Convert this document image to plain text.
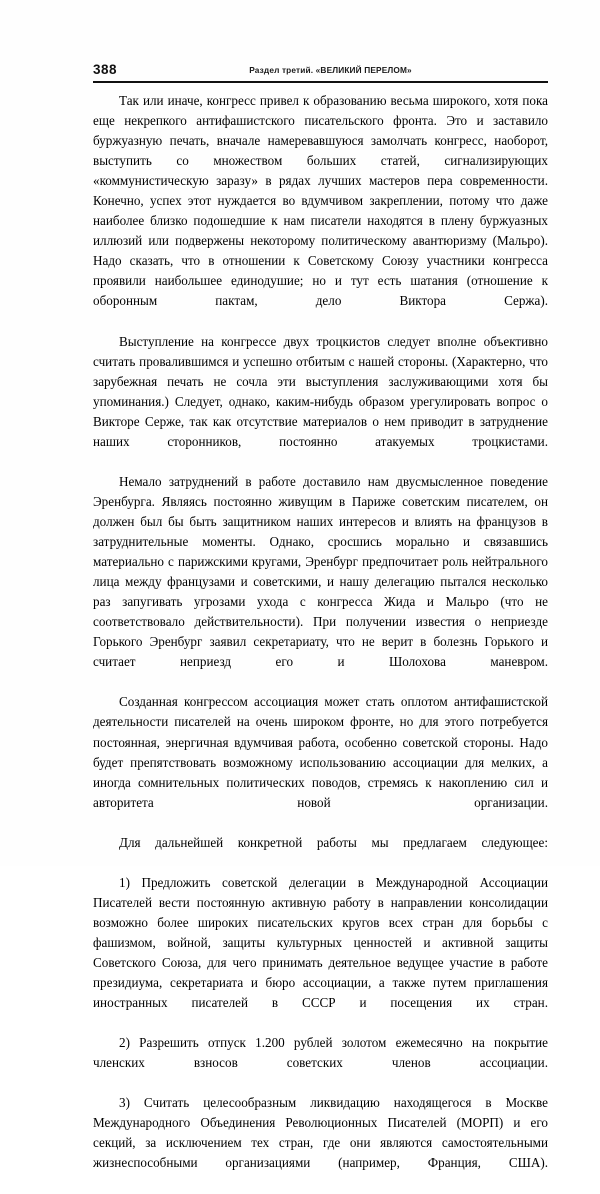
388	Раздел третий. «ВЕЛИКИЙ ПЕРЕЛОМ»

Так или иначе, конгресс привел к образованию весьма широкого, хотя пока еще некрепкого антифашистского писательского фронта. Это и заставило буржуазную печать, вначале намеревавшуюся замолчать конгресс, наоборот, выступить со множеством больших статей, сигнализирующих «коммунистическую заразу» в рядах лучших мастеров пера современности. Конечно, успех этот нуждается во вдумчивом закреплении, потому что даже наиболее близко подошедшие к нам писатели находятся в плену буржуазных иллюзий или подвержены некоторому политическому авантюризму (Мальро). Надо сказать, что в отношении к Советскому Союзу участники конгресса проявили наибольшее единодушие; но и тут есть шатания (отношение к оборонным пактам, дело Виктора Сержа).

Выступление на конгрессе двух троцкистов следует вполне объективно считать провалившимся и успешно отбитым с нашей стороны. (Характерно, что зарубежная печать не сочла эти выступления заслуживающими хотя бы упоминания.) Следует, однако, каким-нибудь образом урегулировать вопрос о Викторе Серже, так как отсутствие материалов о нем приводит в затруднение наших сторонников, постоянно атакуемых троцкистами.

Немало затруднений в работе доставило нам двусмысленное поведение Эренбурга. Являясь постоянно живущим в Париже советским писателем, он должен был бы быть защитником наших интересов и влиять на французов в затруднительные моменты. Однако, сросшись морально и связавшись материально с парижскими кругами, Эренбург предпочитает роль нейтрального лица между французами и советскими, и нашу делегацию пытался несколько раз запугивать угрозами ухода с конгресса Жида и Мальро (что не соответствовало действительности). При получении известия о неприезде Горького Эренбург заявил секретариату, что не верит в болезнь Горького и считает неприезд его и Шолохова маневром.

Созданная конгрессом ассоциация может стать оплотом антифашистской деятельности писателей на очень широком фронте, но для этого потребуется постоянная, энергичная вдумчивая работа, особенно советской стороны. Надо будет препятствовать возможному использованию ассоциации для мелких, а иногда сомнительных политических поводов, стремясь к накоплению сил и авторитета новой организации.

Для дальнейшей конкретной работы мы предлагаем следующее:

1) Предложить советской делегации в Международной Ассоциации Писателей вести постоянную активную работу в направлении консолидации возможно более широких писательских кругов всех стран для борьбы с фашизмом, войной, защиты культурных ценностей и активной защиты Советского Союза, для чего принимать деятельное ведущее участие в работе президиума, секретариата и бюро ассоциации, а также путем приглашения иностранных писателей в СССР и посещения их стран.

2) Разрешить отпуск 1.200 рублей золотом ежемесячно на покрытие членских взносов советских членов ассоциации.

3) Считать целесообразным ликвидацию находящегося в Москве Международного Объединения Революционных Писателей (МОРП) и его секций, за исключением тех стран, где они являются самостоятельными жизнеспособными организациями (например, Франция, США).
